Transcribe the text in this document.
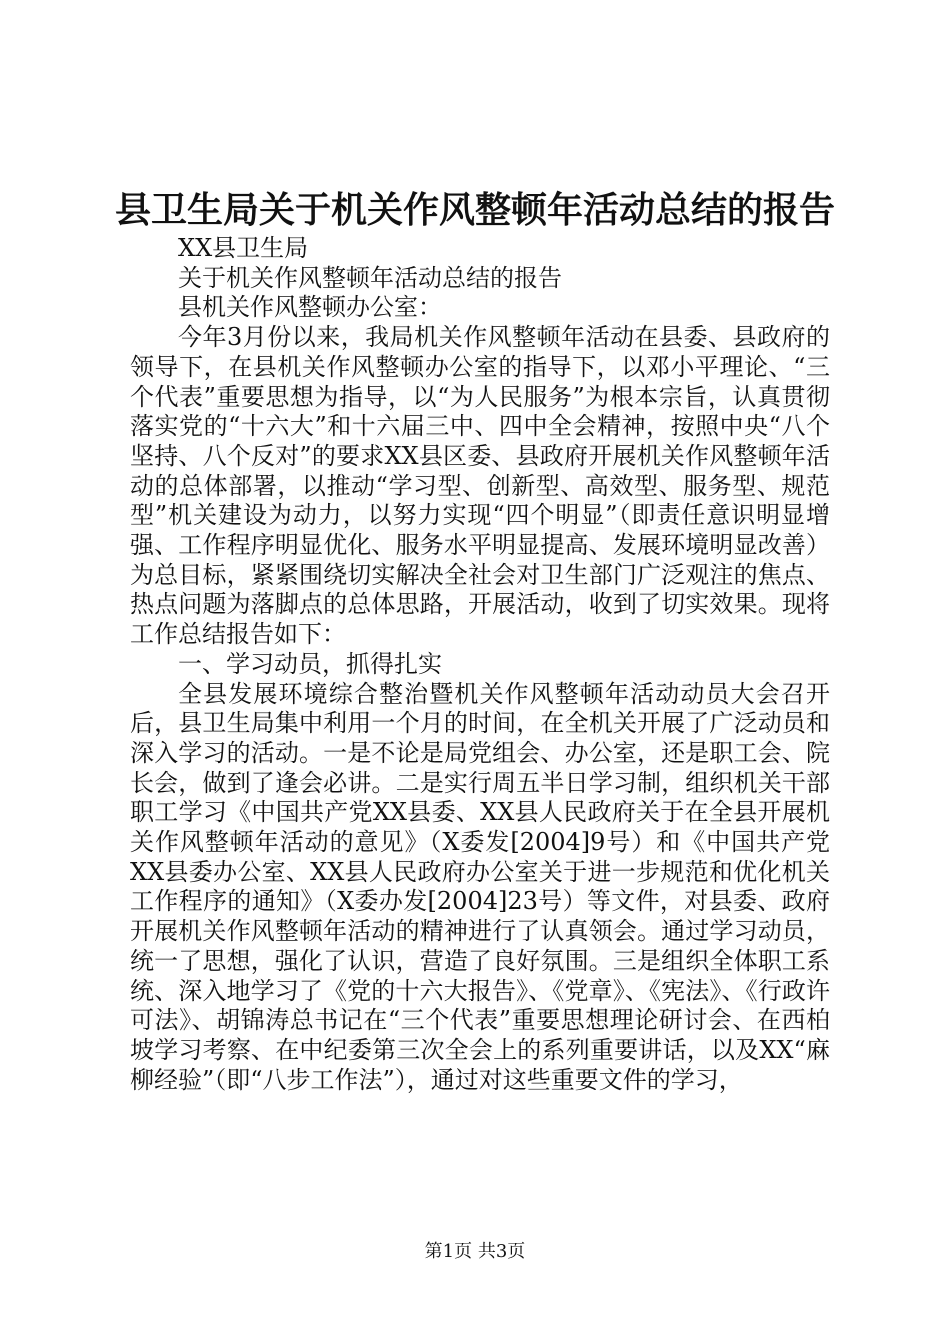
县卫生局关于机关作风整顿年活动总结的报告

XX县卫生局

关于机关作风整顿年活动总结的报告

县机关作风整顿办公室：

今年3月份以来，我局机关作风整顿年活动在县委、县政府的领导下，在县机关作风整顿办公室的指导下，以邓小平理论、“三个代表”重要思想为指导，以“为人民服务”为根本宗旨，认真贯彻落实党的“十六大”和十六届三中、四中全会精神，按照中央“八个坚持、八个反对”的要求XX县区委、县政府开展机关作风整顿年活动的总体部署，以推动“学习型、创新型、高效型、服务型、规范型”机关建设为动力，以努力实现“四个明显”（即责任意识明显增强、工作程序明显优化、服务水平明显提高、发展环境明显改善）为总目标，紧紧围绕切实解决全社会对卫生部门广泛观注的焦点、热点问题为落脚点的总体思路，开展活动，收到了切实效果。现将工作总结报告如下：

一、学习动员，抓得扎实

全县发展环境综合整治暨机关作风整顿年活动动员大会召开后，县卫生局集中利用一个月的时间，在全机关开展了广泛动员和深入学习的活动。一是不论是局党组会、办公室，还是职工会、院长会，做到了逢会必讲。二是实行周五半日学习制，组织机关干部职工学习《中国共产党XX县委、XX县人民政府关于在全县开展机关作风整顿年活动的意见》（X委发[2004]9号）和《中国共产党XX县委办公室、XX县人民政府办公室关于进一步规范和优化机关工作程序的通知》（X委办发[2004]23号）等文件，对县委、政府开展机关作风整顿年活动的精神进行了认真领会。通过学习动员，统一了思想，强化了认识，营造了良好氛围。三是组织全体职工系统、深入地学习了《党的十六大报告》、《党章》、《宪法》、《行政许可法》、胡锦涛总书记在“三个代表”重要思想理论研讨会、在西柏坡学习考察、在中纪委第三次全会上的系列重要讲话，以及XX“麻柳经验”（即“八步工作法”），通过对这些重要文件的学习，

第1页 共3页
